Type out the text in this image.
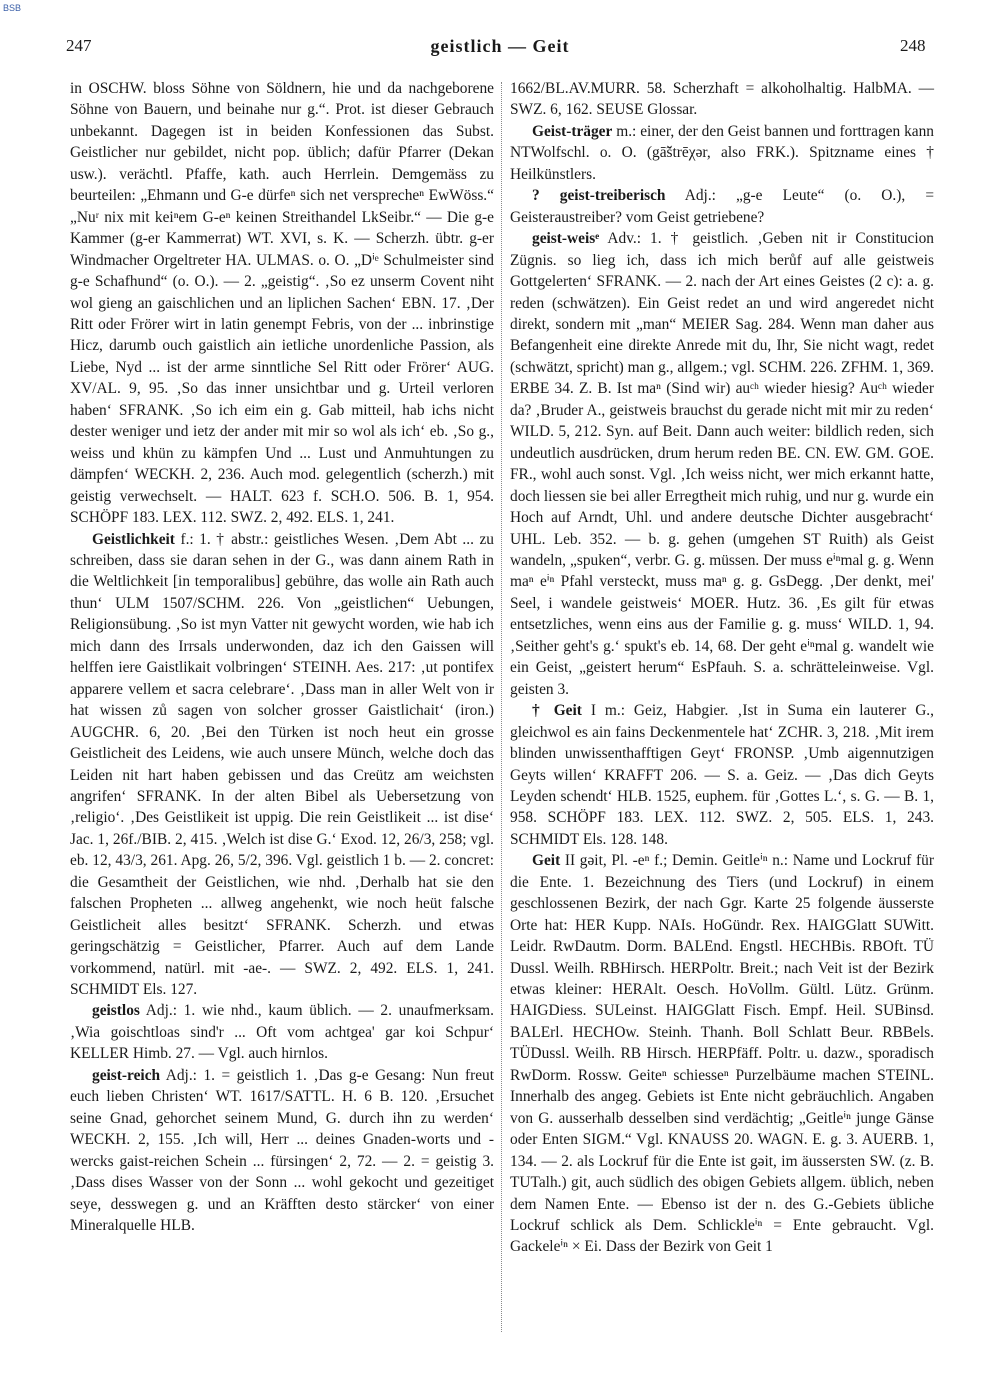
BSB
247	geistlich — Geit	248

in OSCHW. bloss Söhne von Söldnern, hie und da nachgeborene Söhne von Bauern, und beinahe nur g.“. Prot. ist dieser Gebrauch unbekannt. Dagegen ist in beiden Konfessionen das Subst. Geistlicher nur gebildet, nicht pop. üblich; dafür Pfarrer (Dekan usw.). verächtl. Pfaffe, kath. auch Herrlein. Demgemäss zu beurteilen: „Ehmann und G-e dürfeⁿ sich net versprecheⁿ EwWöss.“ „Nuʳ nix mit keiⁿem G-eⁿ keinen Streithandel LkSeibr.“ — Die g-e Kammer (g-er Kammerrat) WT. XVI, s. K. — Scherzh. übtr. g-er Windmacher Orgeltreter HA. ULMAS. o. O. „Dⁱᵉ Schulmeister sind g-e Schafhund“ (o. O.). — 2. „geistig“. ‚So ez unserm Covent niht wol gieng an gaischlichen und an liplichen Sachen‘ EBN. 17. ‚Der Ritt oder Frörer wirt in latin genempt Febris, von der ... inbrinstige Hicz, darumb ouch gaistlich ain ietliche unordenliche Passion, als Liebe, Nyd ... ist der arme sinntliche Sel Ritt oder Frörer‘ AUG. XV/AL. 9, 95. ‚So das inner unsichtbar und g. Urteil verloren haben‘ SFRANK. ‚So ich eim ein g. Gab mitteil, hab ichs nicht dester weniger und ietz der ander mit mir so wol als ich‘ eb. ‚So g., weiss und khün zu kämpfen Und ... Lust und Anmuhtungen zu dämpfen‘ WECKH. 2, 236. Auch mod. gelegentlich (scherzh.) mit geistig verwechselt. — HALT. 623 f. SCH.O. 506. B. 1, 954. SCHÖPF 183. LEX. 112. SWZ. 2, 492. ELS. 1, 241.

Geistlichkeit f.: 1. † abstr.: geistliches Wesen. ‚Dem Abt ... zu schreiben, dass sie daran sehen in der G., was dann ainem Rath in die Weltlichkeit [in temporalibus] gebühre, das wolle ain Rath auch thun‘ ULM 1507/SCHM. 226. Von „geistlichen“ Uebungen, Religionsübung. ‚So ist myn Vatter nit gewycht worden, wie hab ich mich dann des Irrsals underwonden, daz ich den Gaissen will helffen iere Gaistlikait volbringen‘ STEINH. Aes. 217: ‚ut pontifex apparere vellem et sacra celebrare‘. ‚Dass man in aller Welt von ir hat wissen zů sagen von solcher grosser Gaistlichait‘ (iron.) AUGCHR. 6, 20. ‚Bei den Türken ist noch heut ein grosse Geistlicheit des Leidens, wie auch unsere Münch, welche doch das Leiden nit hart haben gebissen und das Creütz am weichsten angrifen‘ SFRANK. In der alten Bibel als Uebersetzung von ‚religio‘. ‚Des Geistlikeit ist uppig. Die rein Geistlikeit ... ist dise‘ Jac. 1, 26f./BIB. 2, 415. ‚Welch ist dise G.‘ Exod. 12, 26/3, 258; vgl. eb. 12, 43/3, 261. Apg. 26, 5/2, 396. Vgl. geistlich 1 b. — 2. concret: die Gesamtheit der Geistlichen, wie nhd. ‚Derhalb hat sie den falschen Propheten ... allweg angehenkt, wie noch heüt falsche Geistlicheit alles besitzt‘ SFRANK. Scherzh. und etwas geringschätzig = Geistlicher, Pfarrer. Auch auf dem Lande vorkommend, natürl. mit -ae-. — SWZ. 2, 492. ELS. 1, 241. SCHMIDT Els. 127.

geistlos Adj.: 1. wie nhd., kaum üblich. — 2. unaufmerksam. ‚Wia goischtloas sind'r ... Oft vom achtgea' gar koi Schpur‘ KELLER Himb. 27. — Vgl. auch hirnlos.

geist-reich Adj.: 1. = geistlich 1. ‚Das g-e Gesang: Nun freut euch lieben Christen‘ WT. 1617/SATTL. H. 6 B. 120. ‚Ersuchet seine Gnad, gehorchet seinem Mund, G. durch ihn zu werden‘ WECKH. 2, 155. ‚Ich will, Herr ... deines Gnaden-worts und -wercks gaist-reichen Schein ... fürsingen‘ 2, 72. — 2. = geistig 3. ‚Dass dises Wasser von der Sonn ... wohl gekocht und gezeitiget seye, desswegen g. und an Kräfften desto stärcker‘ von einer Mineralquelle HLB.

1662/BL.AV.MURR. 58. Scherzhaft = alkoholhaltig. HalbMA. — SWZ. 6, 162. SEUSE Glossar.

Geist-träger m.: einer, der den Geist bannen und forttragen kann NTWolfschl. o. O. (gā̃štrēχər, also FRK.). Spitzname eines † Heilkünstlers.

? geist-treiberisch Adj.: „g-e Leute“ (o. O.), = Geisteraustreiber? vom Geist getriebene?

geist-weisᵉ Adv.: 1. † geistlich. ‚Geben nit ir Constitucion Zügnis. so lieg ich, dass ich mich berůf auf alle geistweis Gottgelerten‘ SFRANK. — 2. nach der Art eines Geistes (2 c): a. g. reden (schwätzen). Ein Geist redet an und wird angeredet nicht direkt, sondern mit „man“ MEIER Sag. 284. Wenn man daher aus Befangenheit eine direkte Anrede mit du, Ihr, Sie nicht wagt, redet (schwätzt, spricht) man g., allgem.; vgl. SCHM. 226. ZFHM. 1, 369. ERBE 34. Z. B. Ist maⁿ (Sind wir) auᶜʰ wieder hiesig? Auᶜʰ wieder da? ‚Bruder A., geistweis brauchst du gerade nicht mit mir zu reden‘ WILD. 5, 212. Syn. auf Beit. Dann auch weiter: bildlich reden, sich undeutlich ausdrücken, drum herum reden BE. CN. EW. GM. GOE. FR., wohl auch sonst. Vgl. ‚Ich weiss nicht, wer mich erkannt hatte, doch liessen sie bei aller Erregtheit mich ruhig, und nur g. wurde ein Hoch auf Arndt, Uhl. und andere deutsche Dichter ausgebracht‘ UHL. Leb. 352. — b. g. gehen (umgehen ST Ruith) als Geist wandeln, „spuken“, verbr. G. g. müssen. Der muss eⁱⁿmal g. g. Wenn maⁿ eⁱⁿ Pfahl versteckt, muss maⁿ g. g. GsDegg. ‚Der denkt, mei' Seel, i wandele geistweis‘ MOER. Hutz. 36. ‚Es gilt für etwas entsetzliches, wenn eins aus der Familie g. g. muss‘ WILD. 1, 94. ‚Seither geht's g.‘ spukt's eb. 14, 68. Der geht eⁱⁿmal g. wandelt wie ein Geist, „geistert herum“ EsPfauh. S. a. schrätteleinweise. Vgl. geisten 3.

† Geit I m.: Geiz, Habgier. ‚Ist in Suma ein lauterer G., gleichwol es ain fains Deckenmentele hat‘ ZCHR. 3, 218. ‚Mit irem blinden unwissenthafftigen Geyt‘ FRONSP. ‚Umb aigennutzigen Geyts willen‘ KRAFFT 206. — S. a. Geiz. — ‚Das dich Geyts Leyden schendt‘ HLB. 1525, euphem. für ‚Gottes L.‘, s. G. — B. 1, 958. SCHÖPF 183. LEX. 112. SWZ. 2, 505. ELS. 1, 243. SCHMIDT Els. 128. 148.

Geit II gəit, Pl. -eⁿ f.; Demin. Geitleⁱⁿ n.: Name und Lockruf für die Ente. 1. Bezeichnung des Tiers (und Lockruf) in einem geschlossenen Bezirk, der nach Ggr. Karte 25 folgende äusserste Orte hat: HER Kupp. NAIs. HoGündr. Rex. HAIGGlatt SUWitt. Leidr. RwDautm. Dorm. BALEnd. Engstl. HECHBis. RBOft. TÜ Dussl. Weilh. RBHirsch. HERPoltr. Breit.; nach Veit ist der Bezirk etwas kleiner: HERAlt. Oesch. HoVollm. Gültl. Lütz. Grünm. HAIGDiess. SULeinst. HAIGGlatt Fisch. Empf. Heil. SUBinsd. BALErl. HECHOw. Steinh. Thanh. Boll Schlatt Beur. RBBels. TÜDussl. Weilh. RB Hirsch. HERPfäff. Poltr. u. dazw., sporadisch RwDorm. Rossw. Geiteⁿ schiesseⁿ Purzelbäume machen STEINL. Innerhalb des angeg. Gebiets ist Ente nicht gebräuchlich. Angaben von G. ausserhalb desselben sind verdächtig; „Geitleⁱⁿ junge Gänse oder Enten SIGM.“ Vgl. KNAUSS 20. WAGN. E. g. 3. AUERB. 1, 134. — 2. als Lockruf für die Ente ist gəit, im äussersten SW. (z. B. TUTalh.) git, auch südlich des obigen Gebiets allgem. üblich, neben dem Namen Ente. — Ebenso ist der n. des G.-Gebiets übliche Lockruf schlick als Dem. Schlickleⁱⁿ = Ente gebraucht. Vgl. Gackeleⁱⁿ × Ei. Dass der Bezirk von Geit 1
